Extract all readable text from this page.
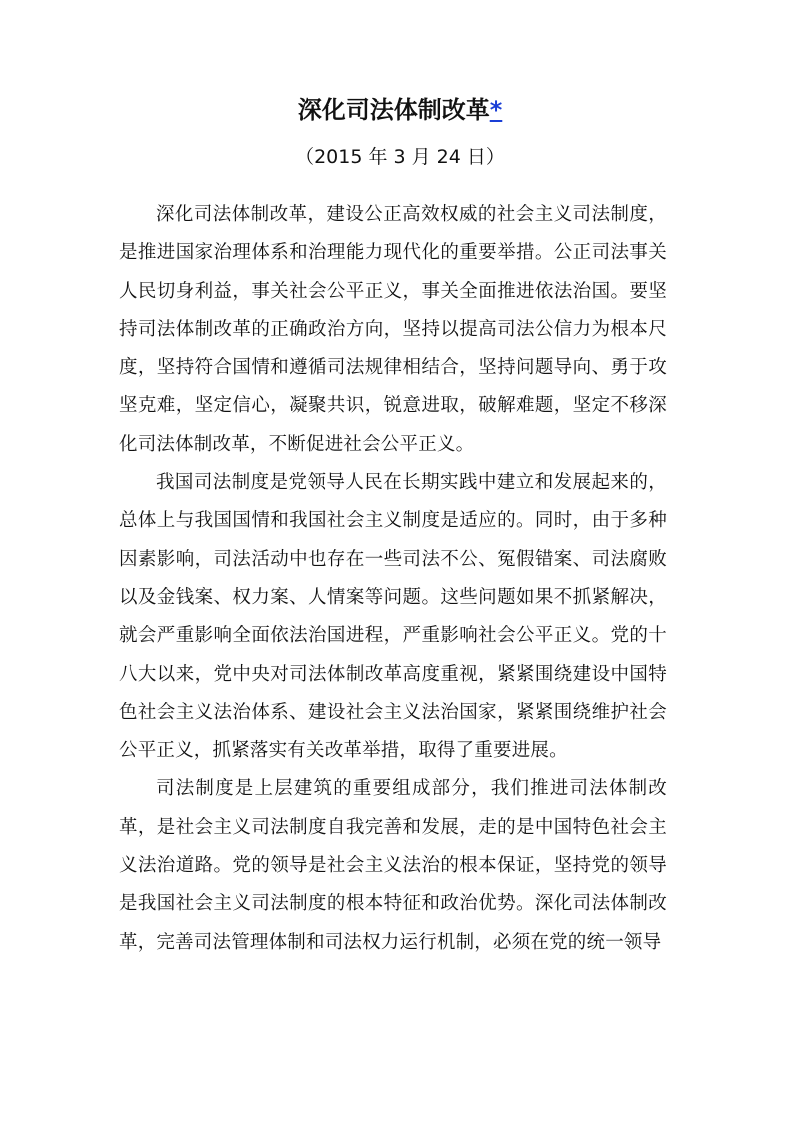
深化司法体制改革*
（2015 年 3 月 24 日）

深化司法体制改革，建设公正高效权威的社会主义司法制度，是推进国家治理体系和治理能力现代化的重要举措。公正司法事关人民切身利益，事关社会公平正义，事关全面推进依法治国。要坚持司法体制改革的正确政治方向，坚持以提高司法公信力为根本尺度，坚持符合国情和遵循司法规律相结合，坚持问题导向、勇于攻坚克难，坚定信心，凝聚共识，锐意进取，破解难题，坚定不移深化司法体制改革，不断促进社会公平正义。

我国司法制度是党领导人民在长期实践中建立和发展起来的，总体上与我国国情和我国社会主义制度是适应的。同时，由于多种因素影响，司法活动中也存在一些司法不公、冤假错案、司法腐败以及金钱案、权力案、人情案等问题。这些问题如果不抓紧解决，就会严重影响全面依法治国进程，严重影响社会公平正义。党的十八大以来，党中央对司法体制改革高度重视，紧紧围绕建设中国特色社会主义法治体系、建设社会主义法治国家，紧紧围绕维护社会公平正义，抓紧落实有关改革举措，取得了重要进展。

司法制度是上层建筑的重要组成部分，我们推进司法体制改革，是社会主义司法制度自我完善和发展，走的是中国特色社会主义法治道路。党的领导是社会主义法治的根本保证，坚持党的领导是我国社会主义司法制度的根本特征和政治优势。深化司法体制改革，完善司法管理体制和司法权力运行机制，必须在党的统一领导
